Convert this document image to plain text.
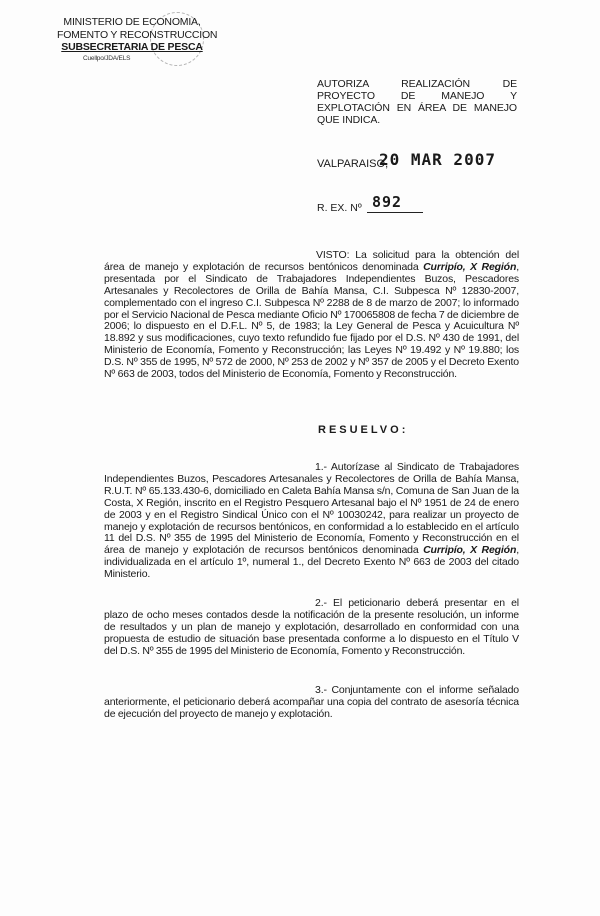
MINISTERIO DE ECONOMIA,
FOMENTO Y RECONSTRUCCION
SUBSECRETARIA DE PESCA
Cuellpo/JDA/ELS
AUTORIZA REALIZACIÓN DE PROYECTO DE MANEJO Y EXPLOTACIÓN EN ÁREA DE MANEJO QUE INDICA.
VALPARAISO,
20 MAR 2007
R. EX. Nº 892
VISTO: La solicitud para la obtención del área de manejo y explotación de recursos bentónicos denominada Curripío, X Región, presentada por el Sindicato de Trabajadores Independientes Buzos, Pescadores Artesanales y Recolectores de Orilla de Bahía Mansa, C.I. Subpesca Nº 12830-2007, complementado con el ingreso C.I. Subpesca Nº 2288 de 8 de marzo de 2007; lo informado por el Servicio Nacional de Pesca mediante Oficio Nº 170065808 de fecha 7 de diciembre de 2006; lo dispuesto en el D.F.L. Nº 5, de 1983; la Ley General de Pesca y Acuicultura Nº 18.892 y sus modificaciones, cuyo texto refundido fue fijado por el D.S. Nº 430 de 1991, del Ministerio de Economía, Fomento y Reconstrucción; las Leyes Nº 19.492 y Nº 19.880; los D.S. Nº 355 de 1995, Nº 572 de 2000, Nº 253 de 2002 y Nº 357 de 2005 y el Decreto Exento Nº 663 de 2003, todos del Ministerio de Economía, Fomento y Reconstrucción.
RESUELVO:
1.- Autorízase al Sindicato de Trabajadores Independientes Buzos, Pescadores Artesanales y Recolectores de Orilla de Bahía Mansa, R.U.T. Nº 65.133.430-6, domiciliado en Caleta Bahía Mansa s/n, Comuna de San Juan de la Costa, X Región, inscrito en el Registro Pesquero Artesanal bajo el Nº 1951 de 24 de enero de 2003 y en el Registro Sindical Único con el Nº 10030242, para realizar un proyecto de manejo y explotación de recursos bentónicos, en conformidad a lo establecido en el artículo 11 del D.S. Nº 355 de 1995 del Ministerio de Economía, Fomento y Reconstrucción en el área de manejo y explotación de recursos bentónicos denominada Curripío, X Región, individualizada en el artículo 1º, numeral 1., del Decreto Exento Nº 663 de 2003 del citado Ministerio.
2.- El peticionario deberá presentar en el plazo de ocho meses contados desde la notificación de la presente resolución, un informe de resultados y un plan de manejo y explotación, desarrollado en conformidad con una propuesta de estudio de situación base presentada conforme a lo dispuesto en el Título V del D.S. Nº 355 de 1995 del Ministerio de Economía, Fomento y Reconstrucción.
3.- Conjuntamente con el informe señalado anteriormente, el peticionario deberá acompañar una copia del contrato de asesoría técnica de ejecución del proyecto de manejo y explotación.
